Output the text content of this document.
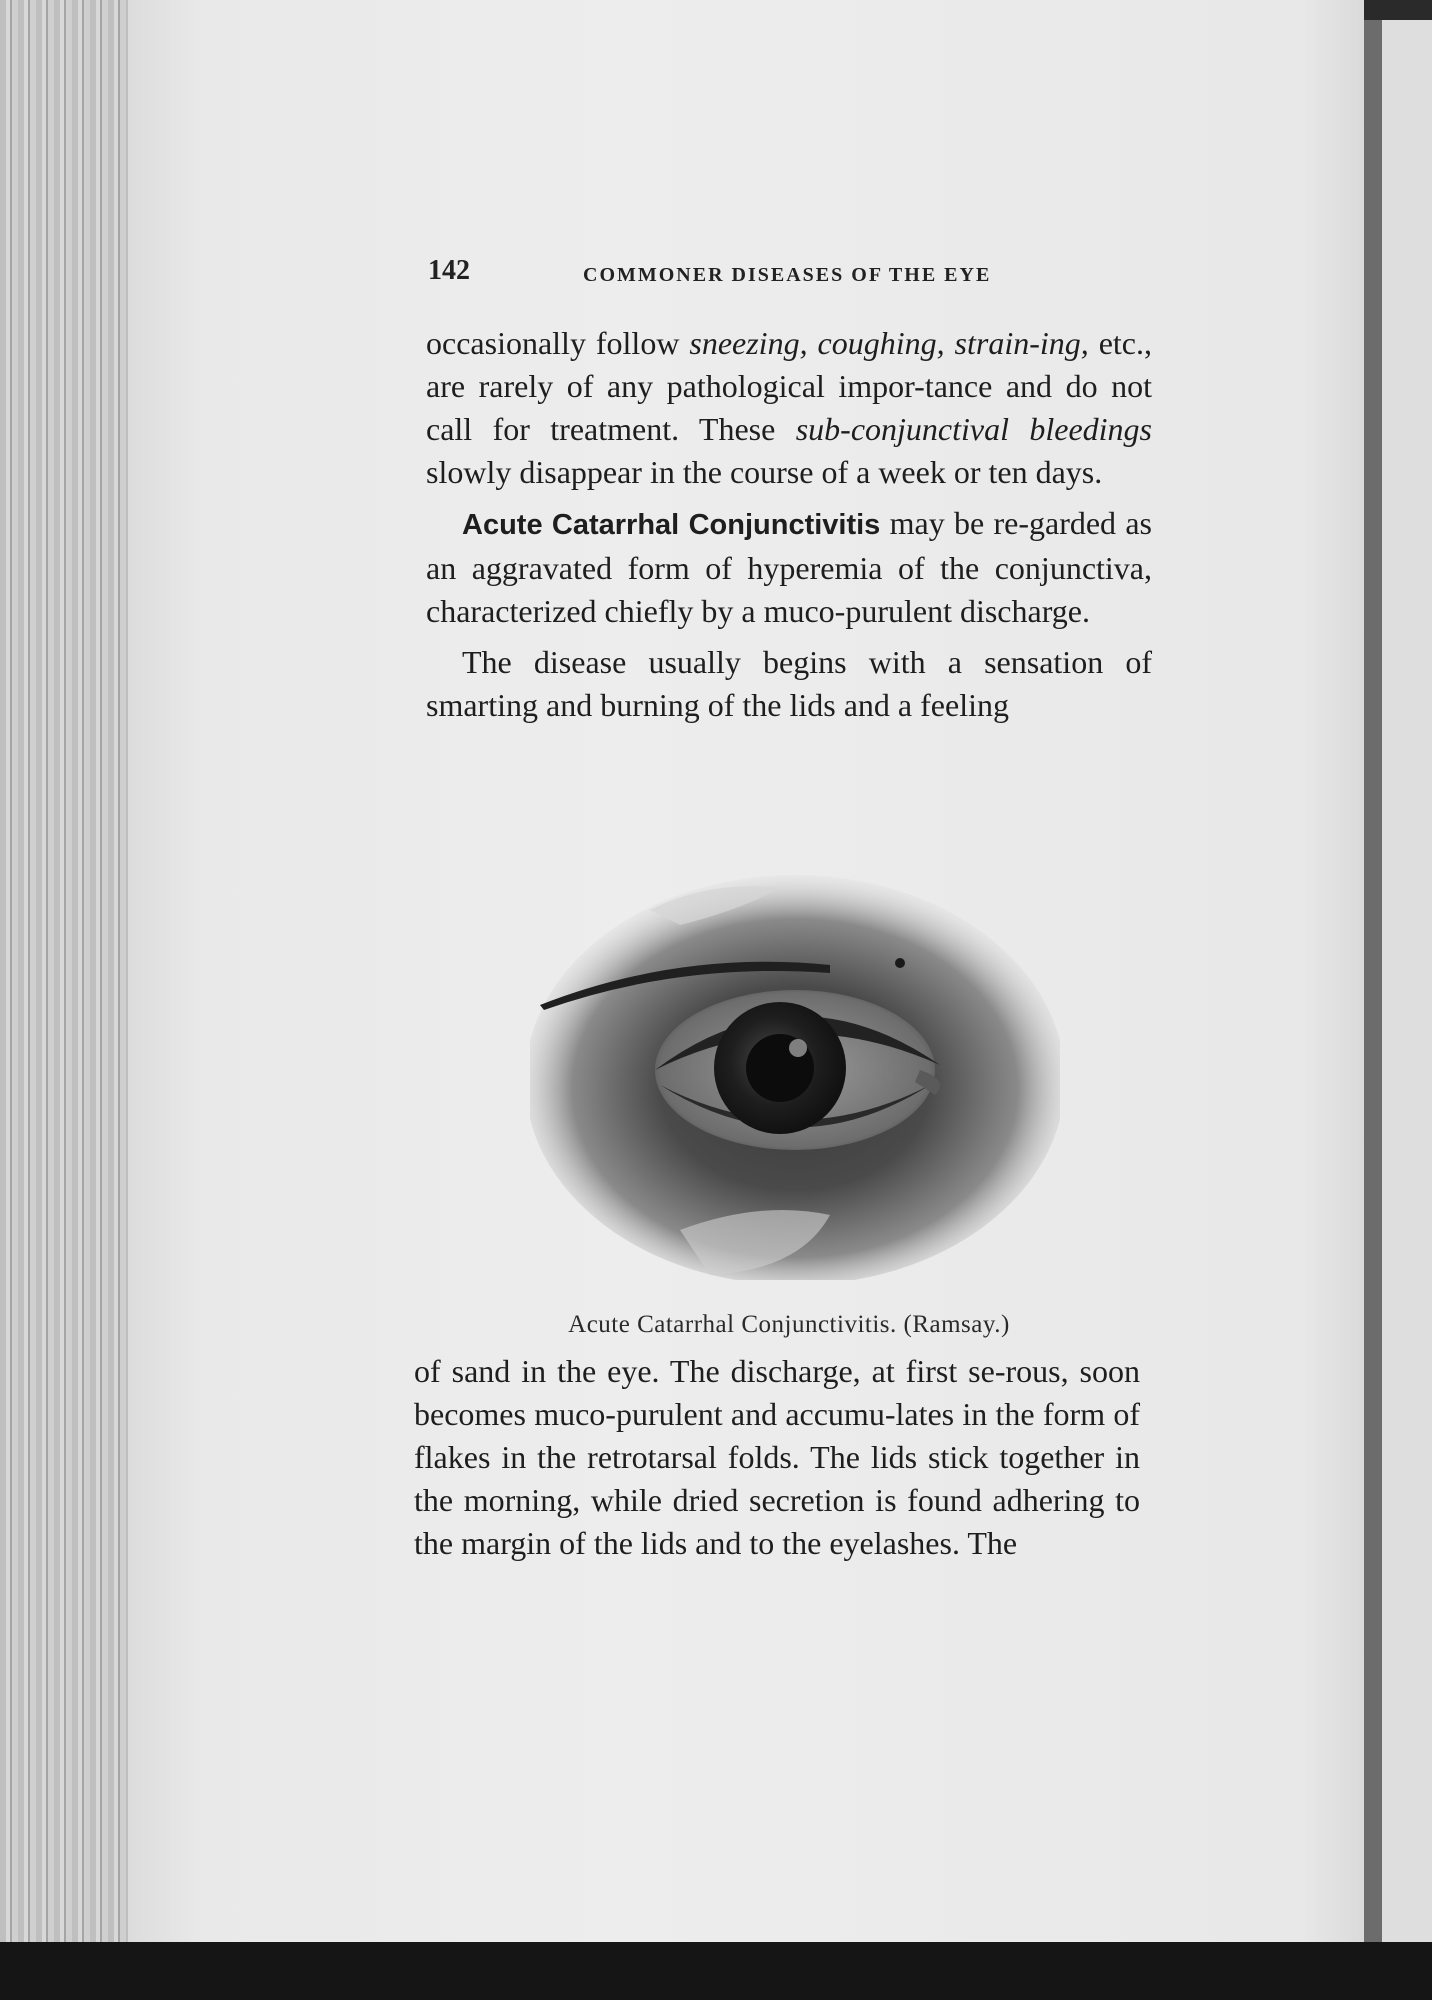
142	COMMONER DISEASES OF THE EYE

occasionally follow sneezing, coughing, strain-ing, etc., are rarely of any pathological impor-tance and do not call for treatment. These sub-conjunctival bleedings slowly disappear in the course of a week or ten days.

Acute Catarrhal Conjunctivitis may be re-garded as an aggravated form of hyperemia of the conjunctiva, characterized chiefly by a muco-purulent discharge.

The disease usually begins with a sensation of smarting and burning of the lids and a feeling

Acute Catarrhal Conjunctivitis. (Ramsay.)

of sand in the eye. The discharge, at first se-rous, soon becomes muco-purulent and accumu-lates in the form of flakes in the retrotarsal folds. The lids stick together in the morning, while dried secretion is found adhering to the margin of the lids and to the eyelashes. The
